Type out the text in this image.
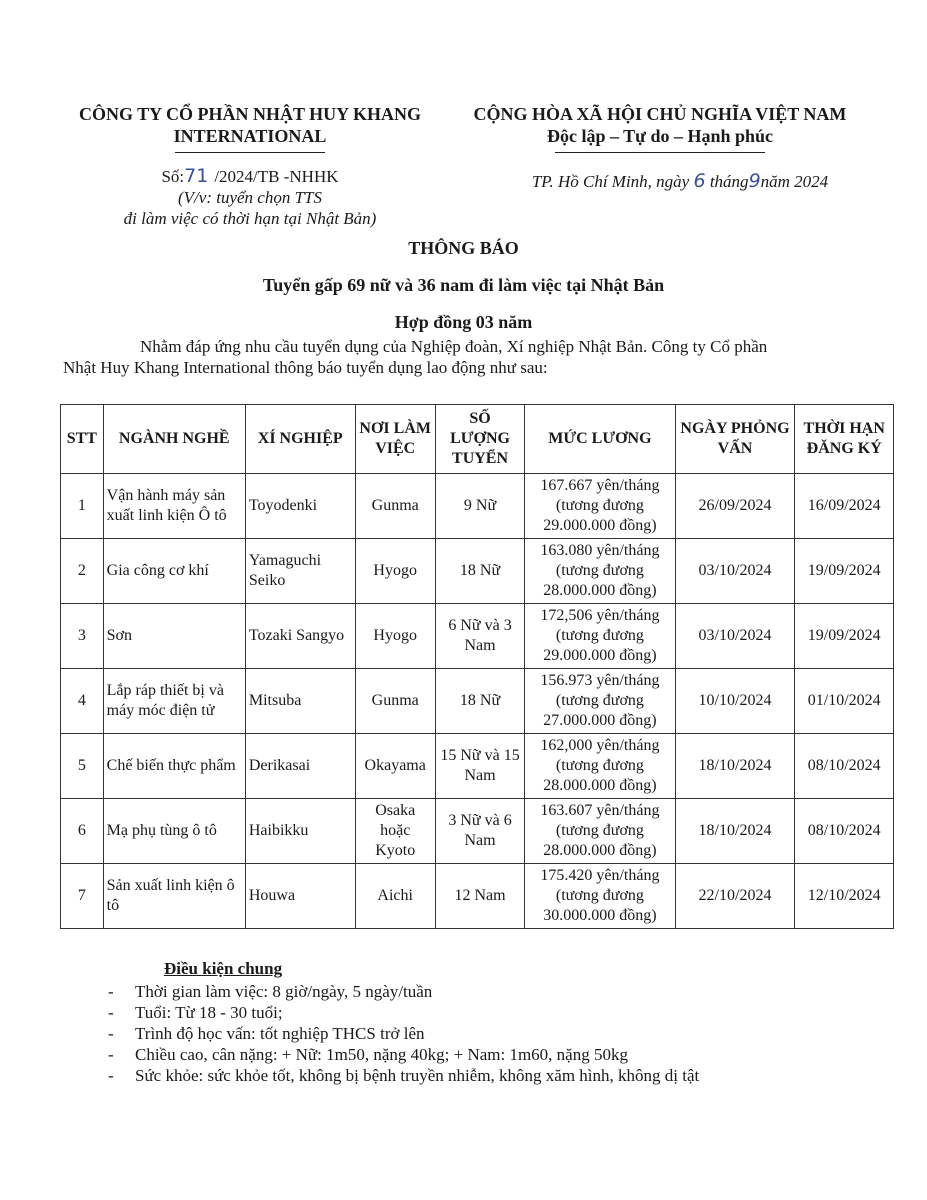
CÔNG TY CỔ PHẦN NHẬT HUY KHANG
INTERNATIONAL
CỘNG HÒA XÃ HỘI CHỦ NGHĨA VIỆT NAM
Độc lập – Tự do – Hạnh phúc
Số:71 /2024/TB -NHHK
(V/v: tuyển chọn TTS
đi làm việc có thời hạn tại Nhật Bản)
TP. Hồ Chí Minh, ngày 6 tháng9năm 2024
THÔNG BÁO
Tuyển gấp 69 nữ và 36 nam đi làm việc tại Nhật Bản
Hợp đồng 03 năm
Nhằm đáp ứng nhu cầu tuyển dụng của Nghiệp đoàn, Xí nghiệp Nhật Bản. Công ty Cổ phần
Nhật Huy Khang International thông báo tuyển dụng lao động như sau:
STT	NGÀNH NGHỀ	XÍ NGHIỆP	NƠI LÀM VIỆC	SỐ LƯỢNG TUYỂN	MỨC LƯƠNG	NGÀY PHỎNG VẤN	THỜI HẠN ĐĂNG KÝ
1	Vận hành máy sản xuất linh kiện Ô tô	Toyodenki	Gunma	9 Nữ	167.667 yên/tháng (tương đương 29.000.000 đồng)	26/09/2024	16/09/2024
2	Gia công cơ khí	Yamaguchi Seiko	Hyogo	18 Nữ	163.080 yên/tháng (tương đương 28.000.000 đồng)	03/10/2024	19/09/2024
3	Sơn	Tozaki Sangyo	Hyogo	6 Nữ và 3 Nam	172,506 yên/tháng (tương đương 29.000.000 đồng)	03/10/2024	19/09/2024
4	Lắp ráp thiết bị và máy móc điện tử	Mitsuba	Gunma	18 Nữ	156.973 yên/tháng (tương đương 27.000.000 đồng)	10/10/2024	01/10/2024
5	Chế biến thực phẩm	Derikasai	Okayama	15 Nữ và 15 Nam	162,000 yên/tháng (tương đương 28.000.000 đồng)	18/10/2024	08/10/2024
6	Mạ phụ tùng ô tô	Haibikku	Osaka hoặc Kyoto	3 Nữ và 6 Nam	163.607 yên/tháng (tương đương 28.000.000 đồng)	18/10/2024	08/10/2024
7	Sản xuất linh kiện ô tô	Houwa	Aichi	12 Nam	175.420 yên/tháng (tương đương 30.000.000 đồng)	22/10/2024	12/10/2024
Điều kiện chung
-	Thời gian làm việc: 8 giờ/ngày, 5 ngày/tuần
-	Tuổi: Từ 18 - 30 tuổi;
-	Trình độ học vấn: tốt nghiệp THCS trở lên
-	Chiều cao, cân nặng: + Nữ: 1m50, nặng 40kg; + Nam: 1m60, nặng 50kg
-	Sức khỏe: sức khỏe tốt, không bị bệnh truyền nhiễm, không xăm hình, không dị tật
